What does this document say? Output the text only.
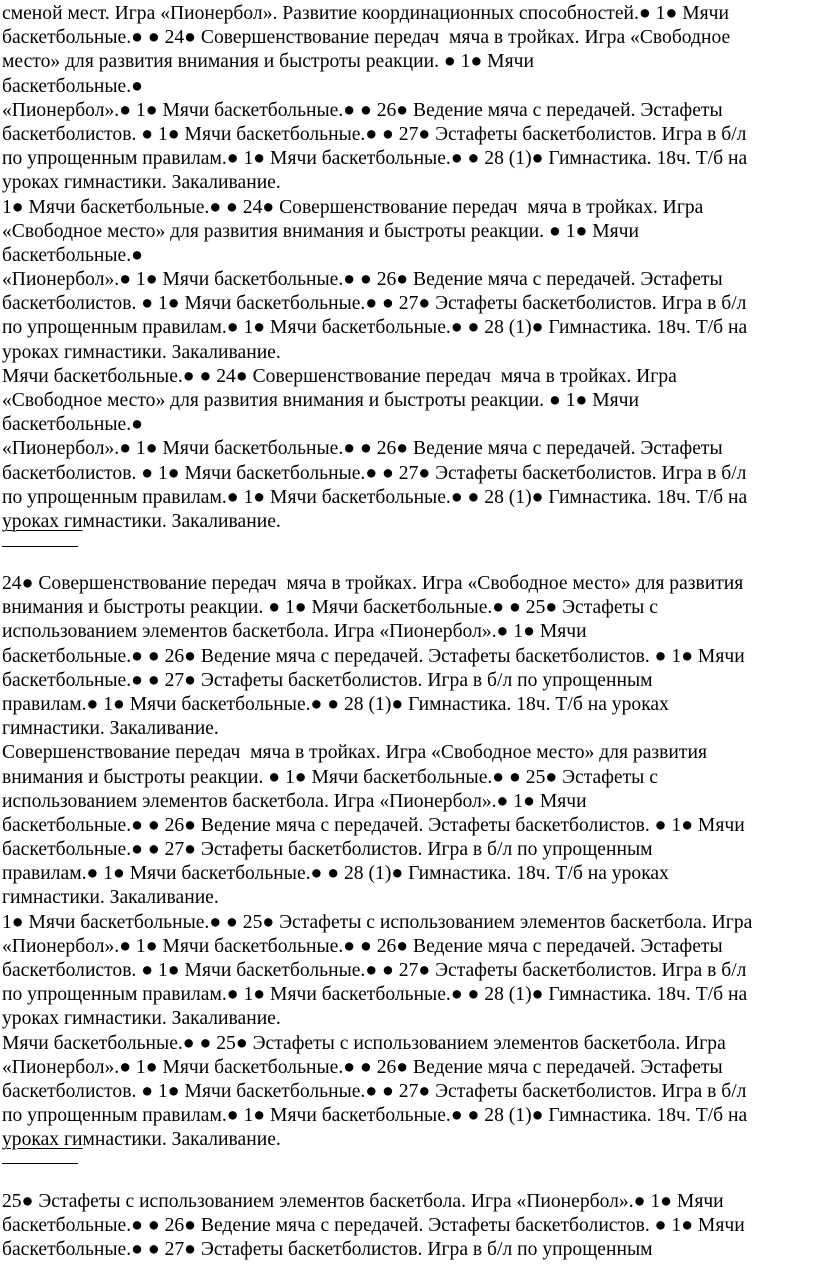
сменой мест. Игра «Пионербол». Развитие координационных способностей.● 1● Мячи
баскетбольные.● ● 24● Совершенствование передач  мяча в тройках. Игра «Свободное
место» для развития внимания и быстроты реакции. ● 1● Мячи
баскетбольные.●
«Пионербол».● 1● Мячи баскетбольные.● ● 26● Ведение мяча с передачей. Эстафеты
баскетболистов. ● 1● Мячи баскетбольные.● ● 27● Эстафеты баскетболистов. Игра в б/л
по упрощенным правилам.● 1● Мячи баскетбольные.● ● 28 (1)● Гимнастика. 18ч. Т/б на
уроках гимнастики. Закаливание.
1● Мячи баскетбольные.● ● 24● Совершенствование передач  мяча в тройках. Игра
«Свободное место» для развития внимания и быстроты реакции. ● 1● Мячи
баскетбольные.●
«Пионербол».● 1● Мячи баскетбольные.● ● 26● Ведение мяча с передачей. Эстафеты
баскетболистов. ● 1● Мячи баскетбольные.● ● 27● Эстафеты баскетболистов. Игра в б/л
по упрощенным правилам.● 1● Мячи баскетбольные.● ● 28 (1)● Гимнастика. 18ч. Т/б на
уроках гимнастики. Закаливание.
Мячи баскетбольные.● ● 24● Совершенствование передач  мяча в тройках. Игра
«Свободное место» для развития внимания и быстроты реакции. ● 1● Мячи
баскетбольные.●
«Пионербол».● 1● Мячи баскетбольные.● ● 26● Ведение мяча с передачей. Эстафеты
баскетболистов. ● 1● Мячи баскетбольные.● ● 27● Эстафеты баскетболистов. Игра в б/л
по упрощенным правилам.● 1● Мячи баскетбольные.● ● 28 (1)● Гимнастика. 18ч. Т/б на
уроках гимнастики. Закаливание.
24● Совершенствование передач  мяча в тройках. Игра «Свободное место» для развития
внимания и быстроты реакции. ● 1● Мячи баскетбольные.● ● 25● Эстафеты с
использованием элементов баскетбола. Игра «Пионербол».● 1● Мячи
баскетбольные.● ● 26● Ведение мяча с передачей. Эстафеты баскетболистов. ● 1● Мячи
баскетбольные.● ● 27● Эстафеты баскетболистов. Игра в б/л по упрощенным
правилам.● 1● Мячи баскетбольные.● ● 28 (1)● Гимнастика. 18ч. Т/б на уроках
гимнастики. Закаливание.
Совершенствование передач  мяча в тройках. Игра «Свободное место» для развития
внимания и быстроты реакции. ● 1● Мячи баскетбольные.● ● 25● Эстафеты с
использованием элементов баскетбола. Игра «Пионербол».● 1● Мячи
баскетбольные.● ● 26● Ведение мяча с передачей. Эстафеты баскетболистов. ● 1● Мячи
баскетбольные.● ● 27● Эстафеты баскетболистов. Игра в б/л по упрощенным
правилам.● 1● Мячи баскетбольные.● ● 28 (1)● Гимнастика. 18ч. Т/б на уроках
гимнастики. Закаливание.
1● Мячи баскетбольные.● ● 25● Эстафеты с использованием элементов баскетбола. Игра
«Пионербол».● 1● Мячи баскетбольные.● ● 26● Ведение мяча с передачей. Эстафеты
баскетболистов. ● 1● Мячи баскетбольные.● ● 27● Эстафеты баскетболистов. Игра в б/л
по упрощенным правилам.● 1● Мячи баскетбольные.● ● 28 (1)● Гимнастика. 18ч. Т/б на
уроках гимнастики. Закаливание.
Мячи баскетбольные.● ● 25● Эстафеты с использованием элементов баскетбола. Игра
«Пионербол».● 1● Мячи баскетбольные.● ● 26● Ведение мяча с передачей. Эстафеты
баскетболистов. ● 1● Мячи баскетбольные.● ● 27● Эстафеты баскетболистов. Игра в б/л
по упрощенным правилам.● 1● Мячи баскетбольные.● ● 28 (1)● Гимнастика. 18ч. Т/б на
уроках гимнастики. Закаливание.
25● Эстафеты с использованием элементов баскетбола. Игра «Пионербол».● 1● Мячи
баскетбольные.● ● 26● Ведение мяча с передачей. Эстафеты баскетболистов. ● 1● Мячи
баскетбольные.● ● 27● Эстафеты баскетболистов. Игра в б/л по упрощенным
